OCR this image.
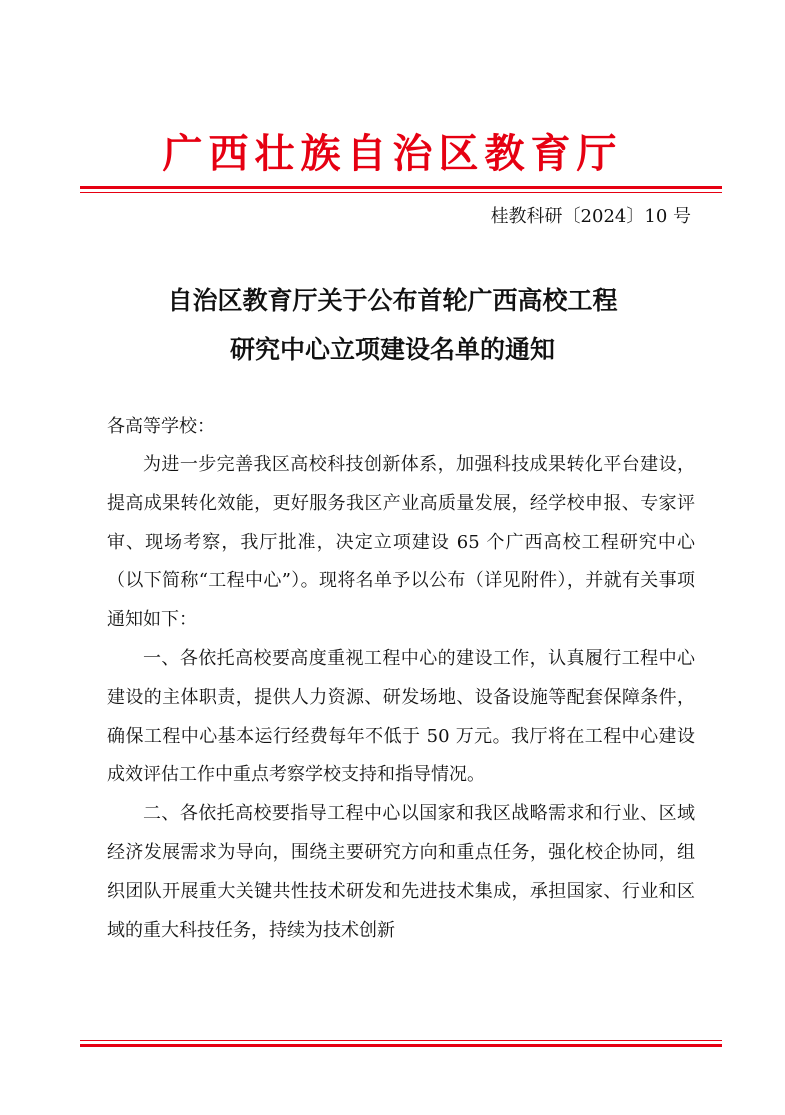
广西壮族自治区教育厅
桂教科研〔2024〕10 号
自治区教育厅关于公布首轮广西高校工程
研究中心立项建设名单的通知
各高等学校：

为进一步完善我区高校科技创新体系，加强科技成果转化平台建设，提高成果转化效能，更好服务我区产业高质量发展，经学校申报、专家评审、现场考察，我厅批准，决定立项建设 65 个广西高校工程研究中心（以下简称“工程中心”）。现将名单予以公布（详见附件），并就有关事项通知如下：

一、各依托高校要高度重视工程中心的建设工作，认真履行工程中心建设的主体职责，提供人力资源、研发场地、设备设施等配套保障条件，确保工程中心基本运行经费每年不低于 50 万元。我厅将在工程中心建设成效评估工作中重点考察学校支持和指导情况。

二、各依托高校要指导工程中心以国家和我区战略需求和行业、区域经济发展需求为导向，围绕主要研究方向和重点任务，强化校企协同，组织团队开展重大关键共性技术研发和先进技术集成，承担国家、行业和区域的重大科技任务，持续为技术创新
